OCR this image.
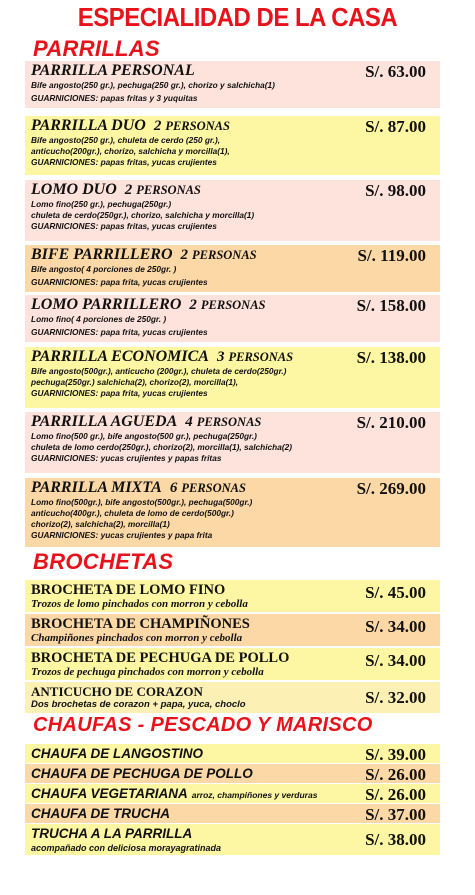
ESPECIALIDAD DE LA CASA
PARRILLAS
PARRILLA PERSONAL	S/. 63.00
Bife angosto(250 gr.), pechuga(250 gr.), chorizo y salchicha(1)
GUARNICIONES: papas fritas y 3 yuquitas
PARRILLA DUO 2 PERSONAS	S/. 87.00
Bife angosto(250 gr.), chuleta de cerdo (250 gr.),
anticucho(200gr.), chorizo, salchicha y morcilla(1),
GUARNICIONES: papas fritas, yucas crujientes
LOMO DUO 2 PERSONAS	S/. 98.00
Lomo fino(250 gr.), pechuga(250gr.)
chuleta de cerdo(250gr.), chorizo, salchicha y morcilla(1)
GUARNICIONES: papas fritas, yucas crujientes
BIFE PARRILLERO 2 PERSONAS	S/. 119.00
Bife angosto( 4 porciones de 250gr. )
GUARNICIONES: papa frita, yucas crujientes
LOMO PARRILLERO 2 PERSONAS	S/. 158.00
Lomo fino( 4 porciones de 250gr. )
GUARNICIONES: papa frita, yucas crujientes
PARRILLA ECONOMICA 3 PERSONAS	S/. 138.00
Bife angosto(500gr.), anticucho (200gr.), chuleta de cerdo(250gr.)
pechuga(250gr.) salchicha(2), chorizo(2), morcilla(1),
GUARNICIONES: papa frita, yucas crujientes
PARRILLA AGUEDA 4 PERSONAS	S/. 210.00
Lomo fino(500 gr.), bife angosto(500 gr.), pechuga(250gr.)
chuleta de lomo cerdo(250gr.), chorizo(2), morcilla(1), salchicha(2)
GUARNICIONES: yucas crujientes y papas fritas
PARRILLA MIXTA 6 PERSONAS	S/. 269.00
Lomo fino(500gr.), bife angosto(500gr.), pechuga(500gr.)
anticucho(400gr.), chuleta de lomo de cerdo(500gr.)
chorizo(2), salchicha(2), morcilla(1)
GUARNICIONES: yucas crujientes y papa frita
BROCHETAS
BROCHETA DE LOMO FINO
Trozos de lomo pinchados con morron y cebolla
S/. 45.00
BROCHETA DE CHAMPIÑONES
Champiñones pinchados con morron y cebolla
S/. 34.00
BROCHETA DE PECHUGA DE POLLO
Trozos de pechuga pinchados con morron y cebolla
S/. 34.00
ANTICUCHO DE CORAZON
Dos brochetas de corazon + papa, yuca, choclo	S/. 32.00
CHAUFAS - PESCADO Y MARISCO
CHAUFA DE LANGOSTINO	S/. 39.00
CHAUFA DE PECHUGA DE POLLO	S/. 26.00
CHAUFA VEGETARIANA arroz, champiñones y verduras	S/. 26.00
CHAUFA DE TRUCHA	S/. 37.00
TRUCHA A LA PARRILLA
acompañado con deliciosa morayagratinada	S/. 38.00
